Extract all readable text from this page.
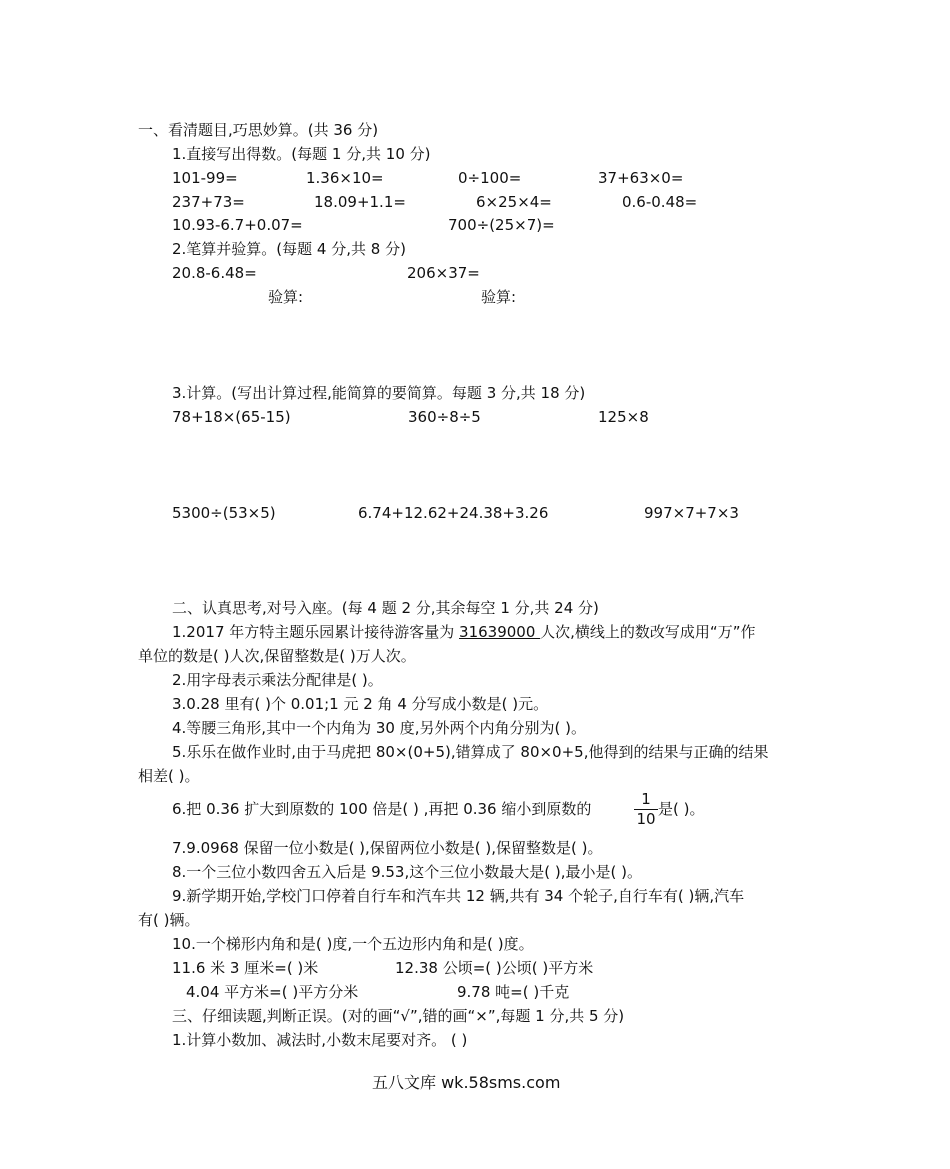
一、看清题目,巧思妙算。(共 36 分)
1.直接写出得数。(每题 1 分,共 10 分)
101-99=	1.36×10=	0÷100=	37+63×0=
237+73=	18.09+1.1=	6×25×4=	0.6-0.48=
10.93-6.7+0.07=	700÷(25×7)=
2.笔算并验算。(每题 4 分,共 8 分)
20.8-6.48=	206×37=
验算:	验算:
3.计算。(写出计算过程,能简算的要简算。每题 3 分,共 18 分)
78+18×(65-15)	360÷8÷5	125×8
5300÷(53×5)	6.74+12.62+24.38+3.26	997×7+7×3
二、认真思考,对号入座。(每 4 题 2 分,其余每空 1 分,共 24 分)
1.2017 年方特主题乐园累计接待游客量为 31639000 人次,横线上的数改写成用“万”作
单位的数是( )人次,保留整数是( )万人次。
2.用字母表示乘法分配律是( )。
3.0.28 里有( )个 0.01;1 元 2 角 4 分写成小数是( )元。
4.等腰三角形,其中一个内角为 30 度,另外两个内角分别为( )。
5.乐乐在做作业时,由于马虎把 80×(0+5),错算成了 80×0+5,他得到的结果与正确的结果
相差( )。
6.把 0.36 扩大到原数的 100 倍是( ) ,再把 0.36 缩小到原数的
1
10
是( )。
7.9.0968 保留一位小数是( ),保留两位小数是( ),保留整数是( )。
8.一个三位小数四舍五入后是 9.53,这个三位小数最大是( ),最小是( )。
9.新学期开始,学校门口停着自行车和汽车共 12 辆,共有 34 个轮子,自行车有( )辆,汽车
有( )辆。
10.一个梯形内角和是( )度,一个五边形内角和是( )度。
11.6 米 3 厘米=( )米	12.38 公顷=( )公顷( )平方米
4.04 平方米=( )平方分米	9.78 吨=( )千克
三、仔细读题,判断正误。(对的画“√”,错的画“×”,每题 1 分,共 5 分)
1.计算小数加、减法时,小数末尾要对齐。 ( )
五八文库 wk.58sms.com
